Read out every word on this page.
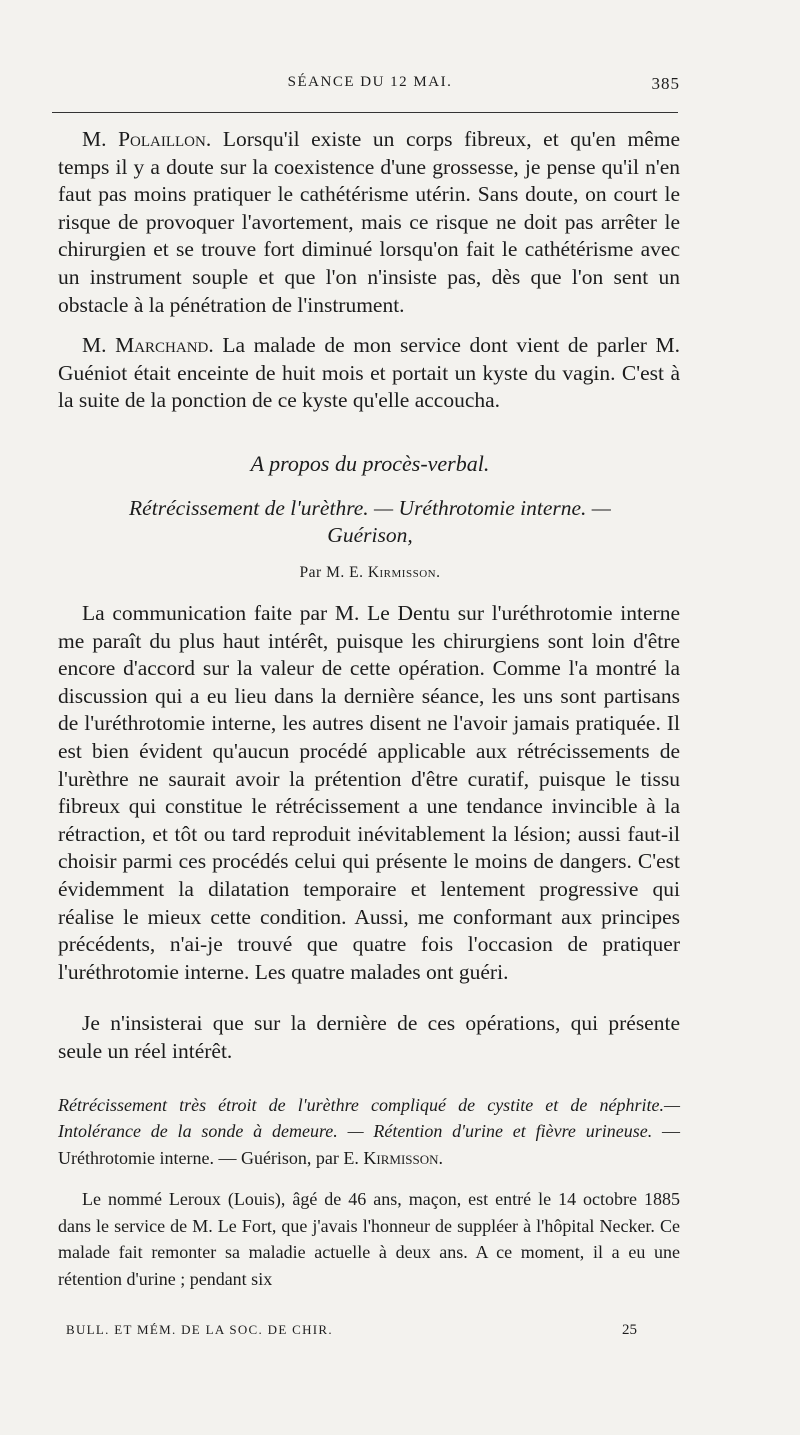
SÉANCE DU 12 MAI.	385

M. Polaillon. Lorsqu'il existe un corps fibreux, et qu'en même temps il y a doute sur la coexistence d'une grossesse, je pense qu'il n'en faut pas moins pratiquer le cathétérisme utérin. Sans doute, on court le risque de provoquer l'avortement, mais ce risque ne doit pas arrêter le chirurgien et se trouve fort diminué lorsqu'on fait le cathétérisme avec un instrument souple et que l'on n'insiste pas, dès que l'on sent un obstacle à la pénétration de l'instrument.

M. Marchand. La malade de mon service dont vient de parler M. Guéniot était enceinte de huit mois et portait un kyste du vagin. C'est à la suite de la ponction de ce kyste qu'elle accoucha.

A propos du procès-verbal.
Rétrécissement de l'urèthre. — Uréthrotomie interne. —
Guérison,
Par M. E. Kirmisson.

La communication faite par M. Le Dentu sur l'uréthrotomie interne me paraît du plus haut intérêt, puisque les chirurgiens sont loin d'être encore d'accord sur la valeur de cette opération. Comme l'a montré la discussion qui a eu lieu dans la dernière séance, les uns sont partisans de l'uréthrotomie interne, les autres disent ne l'avoir jamais pratiquée. Il est bien évident qu'aucun procédé applicable aux rétrécissements de l'urèthre ne saurait avoir la prétention d'être curatif, puisque le tissu fibreux qui constitue le rétrécissement a une tendance invincible à la rétraction, et tôt ou tard reproduit inévitablement la lésion; aussi faut-il choisir parmi ces procédés celui qui présente le moins de dangers. C'est évidemment la dilatation temporaire et lentement progressive qui réalise le mieux cette condition. Aussi, me conformant aux principes précédents, n'ai-je trouvé que quatre fois l'occasion de pratiquer l'uréthrotomie interne. Les quatre malades ont guéri.

Je n'insisterai que sur la dernière de ces opérations, qui présente seule un réel intérêt.

Rétrécissement très étroit de l'urèthre compliqué de cystite et de néphrite.— Intolérance de la sonde à demeure. — Rétention d'urine et fièvre urineuse. — Uréthrotomie interne. — Guérison, par E. Kirmisson.

Le nommé Leroux (Louis), âgé de 46 ans, maçon, est entré le 14 octobre 1885 dans le service de M. Le Fort, que j'avais l'honneur de suppléer à l'hôpital Necker. Ce malade fait remonter sa maladie actuelle à deux ans. A ce moment, il a eu une rétention d'urine ; pendant six

BULL. ET MÉM. DE LA SOC. DE CHIR.	25
